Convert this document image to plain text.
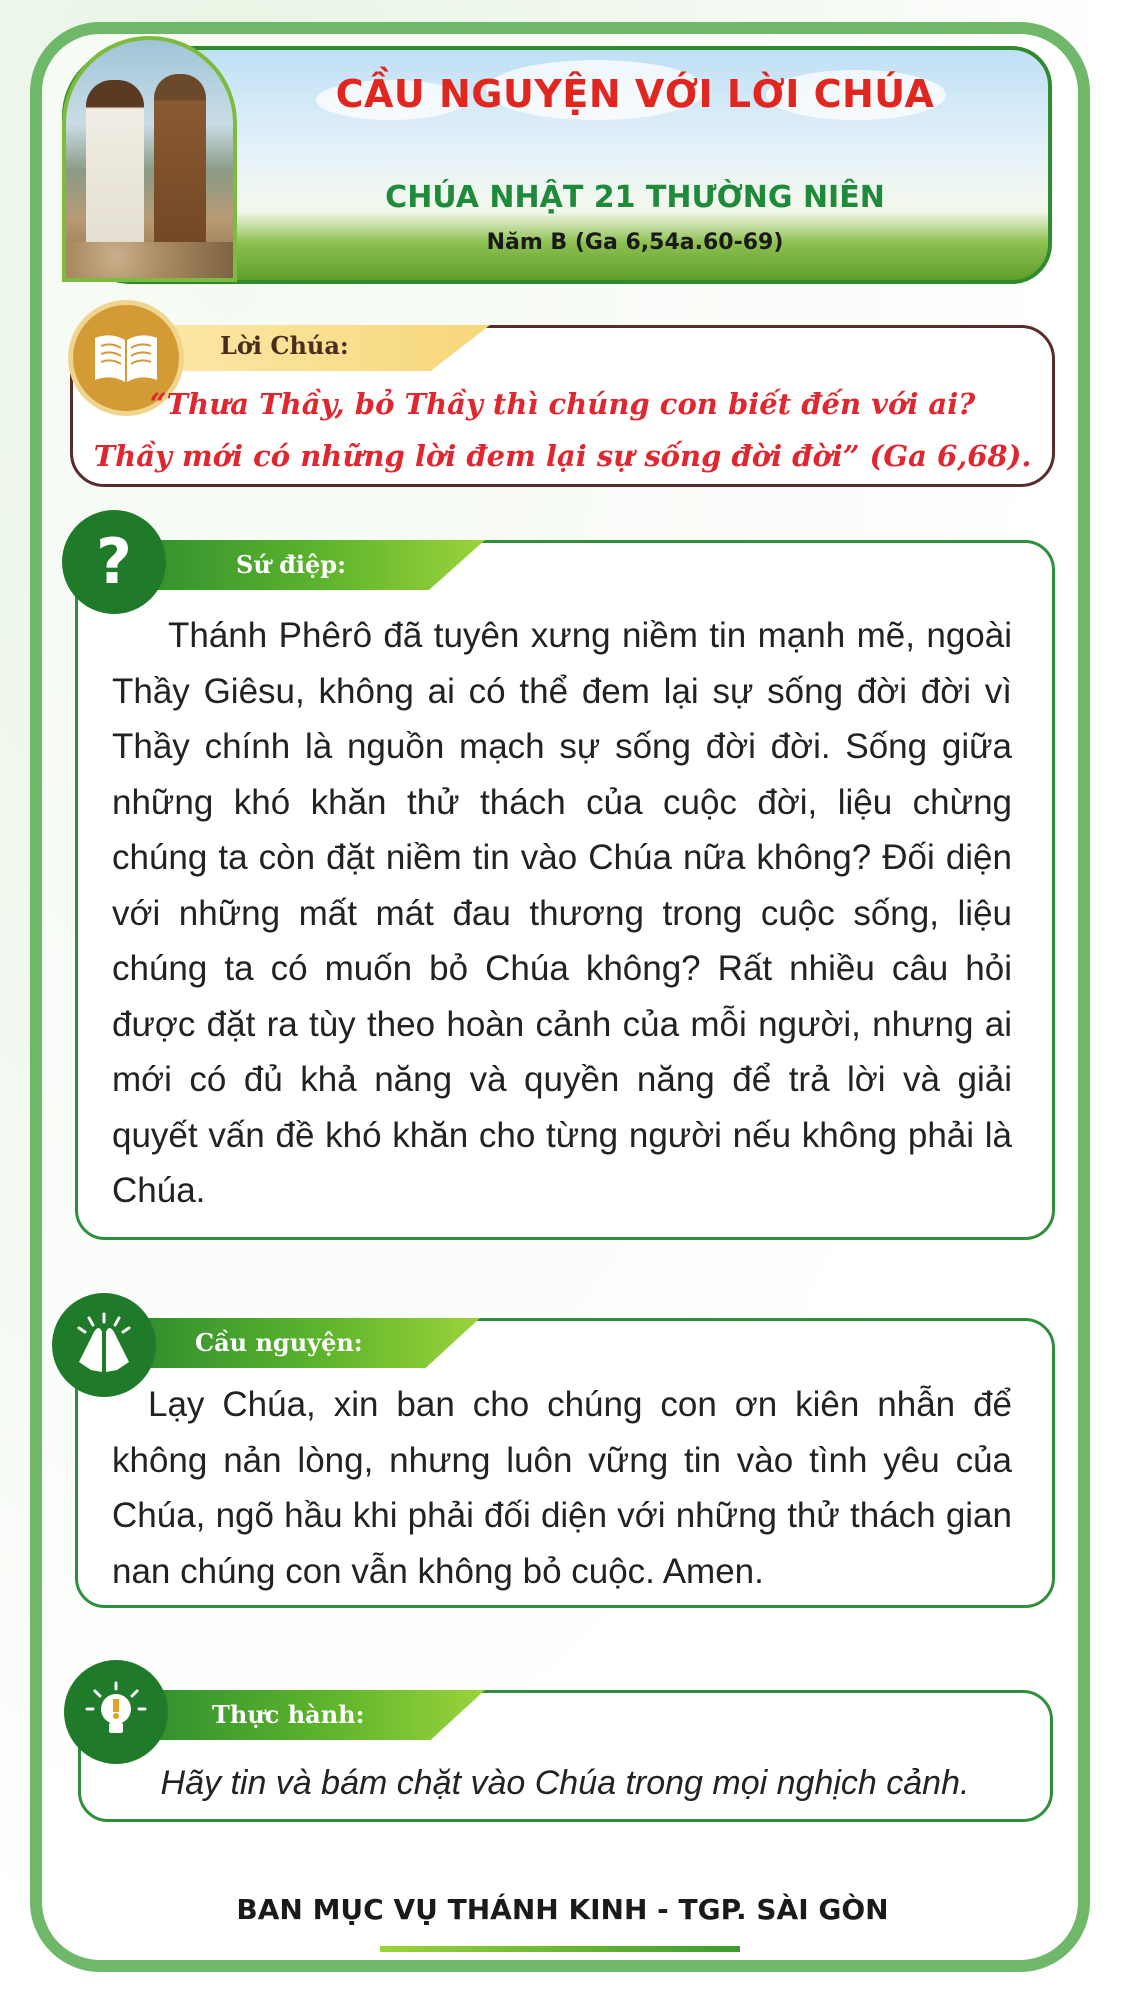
CẦU NGUYỆN VỚI LỜI CHÚA
CHÚA NHẬT 21 THƯỜNG NIÊN
Năm B (Ga 6,54a.60-69)
Lời Chúa:
“Thưa Thầy, bỏ Thầy thì chúng con biết đến với ai?
Thầy mới có những lời đem lại sự sống đời đời” (Ga 6,68).
Sứ điệp:
?
Thánh Phêrô đã tuyên xưng niềm tin mạnh mẽ, ngoài Thầy Giêsu, không ai có thể đem lại sự sống đời đời vì Thầy chính là nguồn mạch sự sống đời đời. Sống giữa những khó khăn thử thách của cuộc đời, liệu chừng chúng ta còn đặt niềm tin vào Chúa nữa không? Đối diện với những mất mát đau thương trong cuộc sống, liệu chúng ta có muốn bỏ Chúa không? Rất nhiều câu hỏi được đặt ra tùy theo hoàn cảnh của mỗi người, nhưng ai mới có đủ khả năng và quyền năng để trả lời và giải quyết vấn đề khó khăn cho từng người nếu không phải là Chúa.
Cầu nguyện:
Lạy Chúa, xin ban cho chúng con ơn kiên nhẫn để không nản lòng, nhưng luôn vững tin vào tình yêu của Chúa, ngõ hầu khi phải đối diện với những thử thách gian nan chúng con vẫn không bỏ cuộc. Amen.
Thực hành:
Hãy tin và bám chặt vào Chúa trong mọi nghịch cảnh.
BAN MỤC VỤ THÁNH KINH - TGP. SÀI GÒN
